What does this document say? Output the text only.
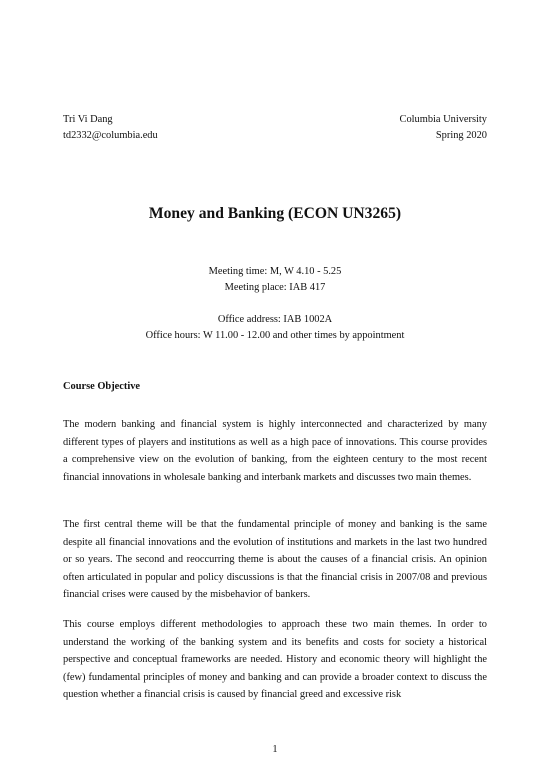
Tri Vi Dang	Columbia University
td2332@columbia.edu	Spring 2020
Money and Banking (ECON UN3265)
Meeting time: M, W 4.10 - 5.25
Meeting place: IAB 417
Office address: IAB 1002A
Office hours: W 11.00 - 12.00 and other times by appointment
Course Objective

The modern banking and financial system is highly interconnected and characterized by many different types of players and institutions as well as a high pace of innovations. This course provides a comprehensive view on the evolution of banking, from the eighteen century to the most recent financial innovations in wholesale banking and interbank markets and discusses two main themes.

The first central theme will be that the fundamental principle of money and banking is the same despite all financial innovations and the evolution of institutions and markets in the last two hundred or so years. The second and reoccurring theme is about the causes of a financial crisis. An opinion often articulated in popular and policy discussions is that the financial crisis in 2007/08 and previous financial crises were caused by the misbehavior of bankers.

This course employs different methodologies to approach these two main themes. In order to understand the working of the banking system and its benefits and costs for society a historical perspective and conceptual frameworks are needed. History and economic theory will highlight the (few) fundamental principles of money and banking and can provide a broader context to discuss the question whether a financial crisis is caused by financial greed and excessive risk

1
